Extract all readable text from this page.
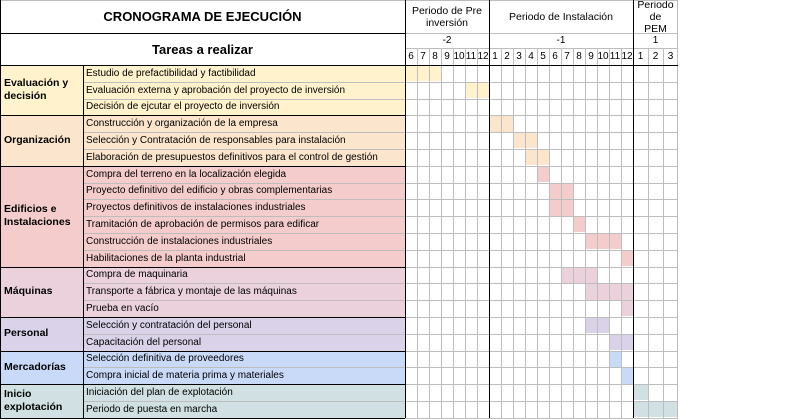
CRONOGRAMA DE EJECUCIÓN
Tareas a realizar
Periodo de Pre inversión
-2
6 7 8 9 10 11 12
Periodo de Instalación
-1
1 2 3 4 5 6 7 8 9 10 11 12
Periodo de PEM
1
1 2 3
Estudio de prefactibilidad y factibilidad
Evaluación externa y aprobación del proyecto de inversión
Decisión de ejcutar el proyecto de inversión
Evaluación y decisión
Construcción y organización de la empresa
Selección y Contratación de responsables para instalación
Elaboración de presupuestos definitivos para el control de gestión
Organización
Compra del terreno en la localización elegida
Proyecto definitivo del edificio y obras complementarias
Proyectos definitivos de instalaciones industriales
Tramitación de aprobación de permisos para edificar
Construcción de instalaciones industriales
Habilitaciones de la planta industrial
Edificios e Instalaciones
Compra de maquinaria
Transporte a fábrica y montaje de las máquinas
Prueba en vacío
Máquinas
Selección y contratación del personal
Capacitación del personal
Personal
Selección definitiva de proveedores
Compra inicial de materia prima y materiales
Mercadorías
Iniciación del plan de explotación
Periodo de puesta en marcha
Inicio explotación
